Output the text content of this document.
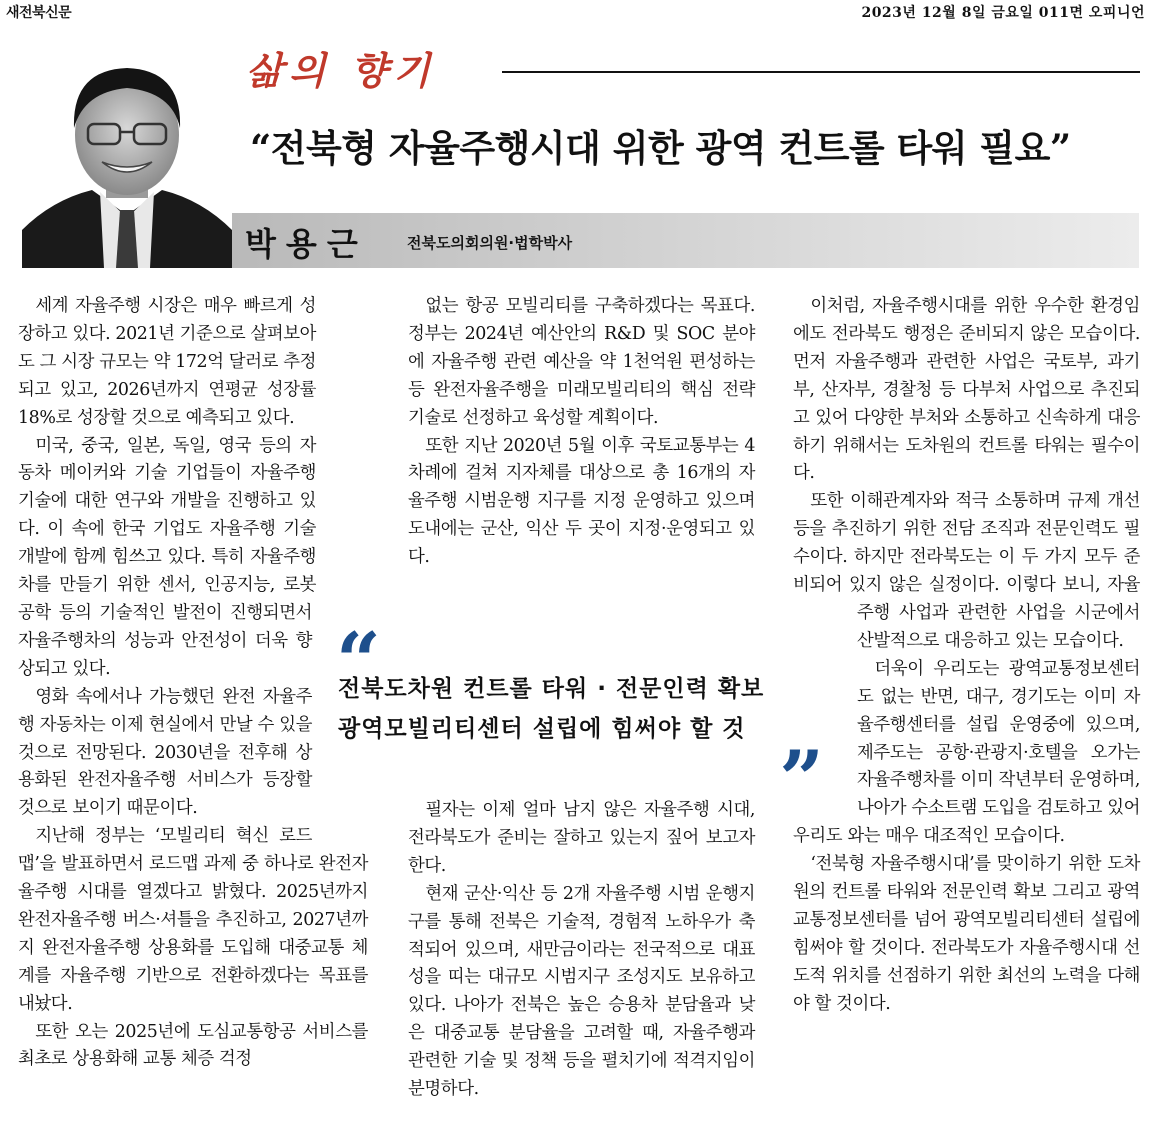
새전북신문	2023년 12월 8일 금요일 011면 오피니언
삶의 향기
“전북형 자율주행시대 위한 광역 컨트롤 타워 필요”
박용근	전북도의회의원·법학박사

세계 자율주행 시장은 매우 빠르게 성장하고 있다. 2021년 기준으로 살펴보아도 그 시장 규모는 약 172억 달러로 추정되고 있고, 2026년까지 연평균 성장률 18%로 성장할 것으로 예측되고 있다.

미국, 중국, 일본, 독일, 영국 등의 자동차 메이커와 기술 기업들이 자율주행 기술에 대한 연구와 개발을 진행하고 있다. 이 속에 한국 기업도 자율주행 기술 개발에 함께 힘쓰고 있다. 특히 자율주행차를 만들기 위한 센서, 인공지능, 로봇공학 등의 기술적인 발전이 진행되면서 자율주행차의 성능과 안전성이 더욱 향상되고 있다.

영화 속에서나 가능했던 완전 자율주행 자동차는 이제 현실에서 만날 수 있을 것으로 전망된다. 2030년을 전후해 상용화된 완전자율주행 서비스가 등장할 것으로 보이기 때문이다.

지난해 정부는 ‘모빌리티 혁신 로드맵’을 발표하면서 로드맵 과제 중 하나로 완전자율주행 시대를 열겠다고 밝혔다. 2025년까지 완전자율주행 버스·셔틀을 추진하고, 2027년까지 완전자율주행 상용화를 도입해 대중교통 체계를 자율주행 기반으로 전환하겠다는 목표를 내놨다.

또한 오는 2025년에 도심교통항공 서비스를 최초로 상용화해 교통 체증 걱정

없는 항공 모빌리티를 구축하겠다는 목표다. 정부는 2024년 예산안의 R&D 및 SOC 분야에 자율주행 관련 예산을 약 1천억원 편성하는 등 완전자율주행을 미래모빌리티의 핵심 전략기술로 선정하고 육성할 계획이다.

또한 지난 2020년 5월 이후 국토교통부는 4차례에 걸쳐 지자체를 대상으로 총 16개의 자율주행 시범운행 지구를 지정 운영하고 있으며 도내에는 군산, 익산 두 곳이 지정·운영되고 있다.

“
전북도차원 컨트롤 타워 · 전문인력 확보
광역모빌리티센터 설립에 힘써야 할 것
”

필자는 이제 얼마 남지 않은 자율주행 시대, 전라북도가 준비는 잘하고 있는지 짚어 보고자 한다.

현재 군산·익산 등 2개 자율주행 시범 운행지구를 통해 전북은 기술적, 경험적 노하우가 축적되어 있으며, 새만금이라는 전국적으로 대표성을 띠는 대규모 시범지구 조성지도 보유하고 있다. 나아가 전북은 높은 승용차 분담율과 낮은 대중교통 분담율을 고려할 때, 자율주행과 관련한 기술 및 정책 등을 펼치기에 적격지임이 분명하다.

이처럼, 자율주행시대를 위한 우수한 환경임에도 전라북도 행정은 준비되지 않은 모습이다. 먼저 자율주행과 관련한 사업은 국토부, 과기부, 산자부, 경찰청 등 다부처 사업으로 추진되고 있어 다양한 부처와 소통하고 신속하게 대응하기 위해서는 도차원의 컨트롤 타워는 필수이다.

또한 이해관계자와 적극 소통하며 규제 개선 등을 추진하기 위한 전담 조직과 전문인력도 필수이다. 하지만 전라북도는 이 두 가지 모두 준비되어 있지 않은 실정이다. 이렇다 보니, 자율주행 사업과 관련한 사업을 시군에서 산발적으로 대응하고 있는 모습이다.

더욱이 우리도는 광역교통정보센터도 없는 반면, 대구, 경기도는 이미 자율주행센터를 설립 운영중에 있으며, 제주도는 공항·관광지·호텔을 오가는 자율주행차를 이미 작년부터 운영하며, 나아가 수소트램 도입을 검토하고 있어 우리도 와는 매우 대조적인 모습이다.

‘전북형 자율주행시대’를 맞이하기 위한 도차원의 컨트롤 타워와 전문인력 확보 그리고 광역교통정보센터를 넘어 광역모빌리티센터 설립에 힘써야 할 것이다. 전라북도가 자율주행시대 선도적 위치를 선점하기 위한 최선의 노력을 다해야 할 것이다.
